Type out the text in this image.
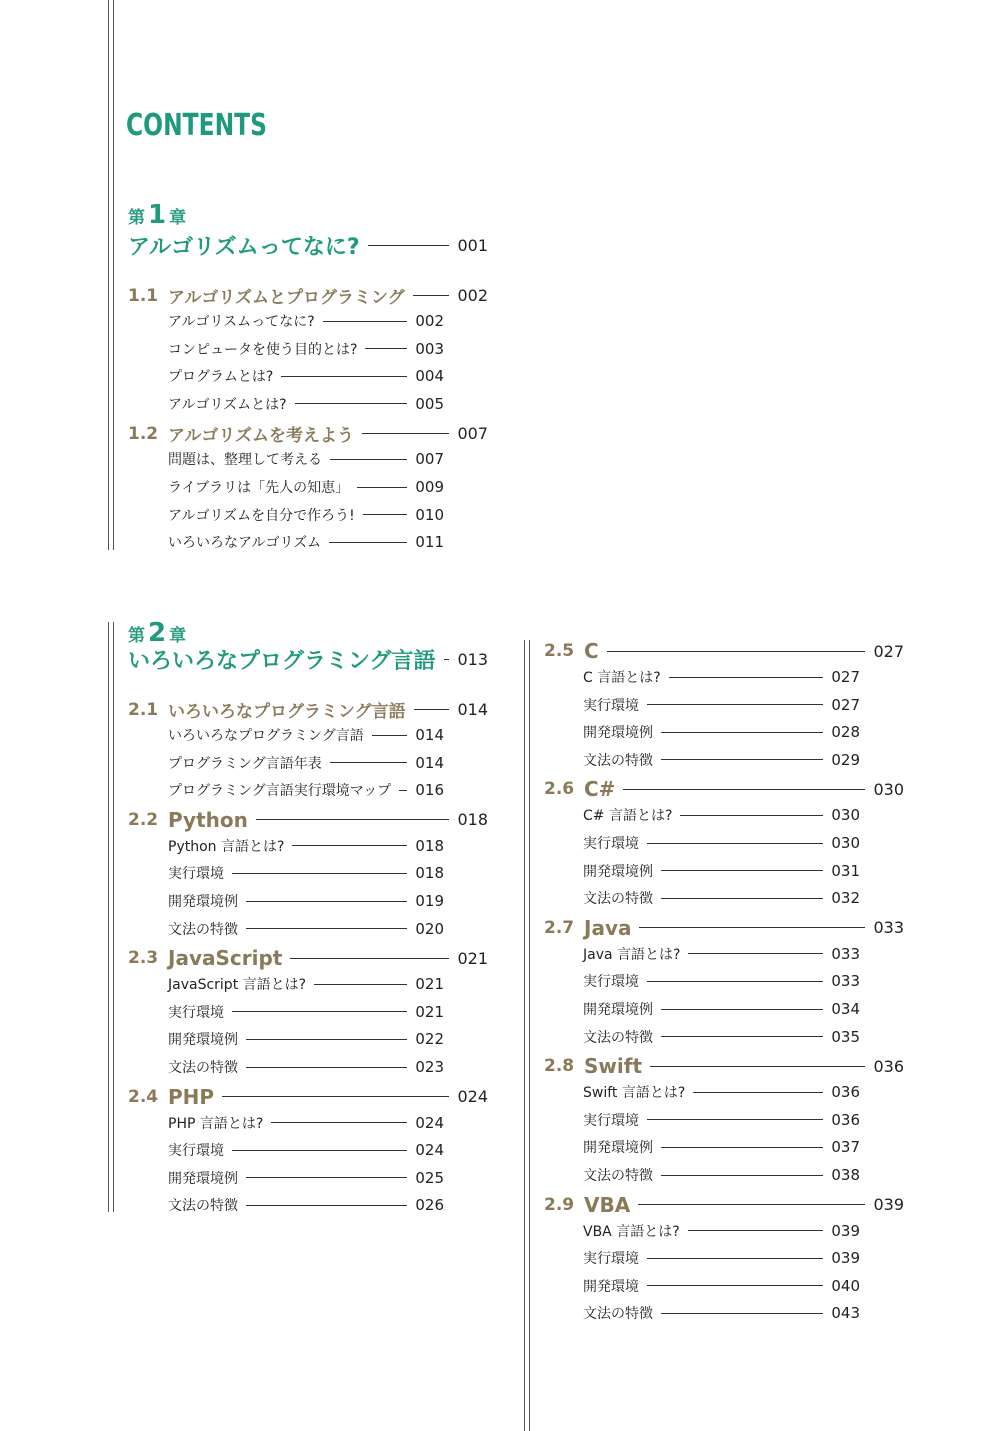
CONTENTS
第 1 章
アルゴリズムってなに?	001
1.1 アルゴリズムとプログラミング	002
アルゴリスムってなに?	002
コンピュータを使う目的とは?	003
プログラムとは?	004
アルゴリズムとは?	005
1.2 アルゴリズムを考えよう	007
問題は、整理して考える	007
ライブラリは「先人の知恵」	009
アルゴリズムを自分で作ろう!	010
いろいろなアルゴリズム	011
第 2 章
いろいろなプログラミング言語 013
2.1 いろいろなプログラミング言語	014
いろいろなプログラミング言語	014
プログラミング言語年表	014
プログラミング言語実行環境マップ 016
2.2 Python	018
Python 言語とは?	018
実行環境	018
開発環境例	019
文法の特徴	020
2.3 JavaScript	021
JavaScript 言語とは?	021
実行環境	021
開発環境例	022
文法の特徴	023
2.4 PHP	024
PHP 言語とは?	024
実行環境	024
開発環境例	025
文法の特徴	026
2.5 C	027
C 言語とは?	027
実行環境	027
開発環境例	028
文法の特徴	029
2.6 C#	030
C# 言語とは?	030
実行環境	030
開発環境例	031
文法の特徴	032
2.7 Java	033
Java 言語とは?	033
実行環境	033
開発環境例	034
文法の特徴	035
2.8 Swift	036
Swift 言語とは?	036
実行環境	036
開発環境例	037
文法の特徴	038
2.9 VBA	039
VBA 言語とは?	039
実行環境	039
開発環境	040
文法の特徴	043
